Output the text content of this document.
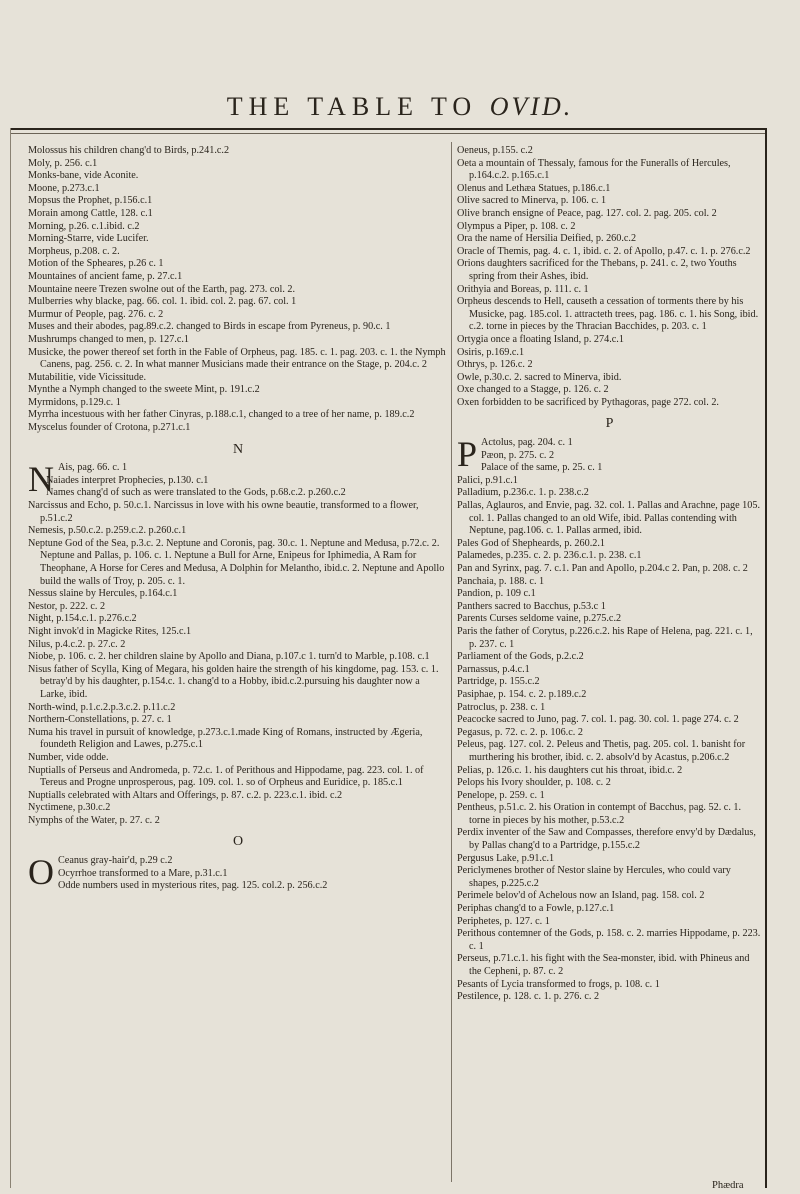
THE TABLE TO OVID.

Molossus his children chang'd to Birds, p.241.c.2

Moly, p. 256. c.1

Monks-bane, vide Aconite.

Moone, p.273.c.1

Mopsus the Prophet, p.156.c.1

Morain among Cattle, 128. c.1

Morning, p.26. c.1.ibid. c.2

Morning-Starre, vide Lucifer.

Morpheus, p.208. c. 2.

Motion of the Spheares, p.26 c. 1

Mountaines of ancient fame, p. 27.c.1

Mountaine neere Trezen swolne out of the Earth, pag. 273. col. 2.

Mulberries why blacke, pag. 66. col. 1. ibid. col. 2. pag. 67. col. 1

Murmur of People, pag. 276. c. 2

Muses and their abodes, pag.89.c.2. changed to Birds in escape from Pyreneus, p. 90.c. 1

Mushrumps changed to men, p. 127.c.1

Musicke, the power thereof set forth in the Fable of Orpheus, pag. 185. c. 1. pag. 203. c. 1. the Nymph Canens, pag. 256. c. 2. In what manner Musicians made their entrance on the Stage, p. 204.c. 2

Mutabilitie, vide Vicissitude.

Mynthe a Nymph changed to the sweete Mint, p. 191.c.2

Myrmidons, p.129.c. 1

Myrrha incestuous with her father Cinyras, p.188.c.1, changed to a tree of her name, p. 189.c.2

Myscelus founder of Crotona, p.271.c.1

N

N Ais, pag. 66. c. 1

Naiades interpret Prophecies, p.130. c.1

Names chang'd of such as were translated to the Gods, p.68.c.2. p.260.c.2

Narcissus and Echo, p. 50.c.1. Narcissus in love with his owne beautie, transformed to a flower, p.51.c.2

Nemesis, p.50.c.2. p.259.c.2. p.260.c.1

Neptune God of the Sea, p.3.c. 2. Neptune and Coronis, pag. 30.c. 1. Neptune and Medusa, p.72.c. 2. Neptune and Pallas, p. 106. c. 1. Neptune a Bull for Arne, Enipeus for Iphimedia, A Ram for Theophane, A Horse for Ceres and Medusa, A Dolphin for Melantho, ibid.c. 2. Neptune and Apollo build the walls of Troy, p. 205. c. 1.

Nessus slaine by Hercules, p.164.c.1

Nestor, p. 222. c. 2

Night, p.154.c.1. p.276.c.2

Night invok'd in Magicke Rites, 125.c.1

Nilus, p.4.c.2. p. 27.c. 2

Niobe, p. 106. c. 2. her children slaine by Apollo and Diana, p.107.c 1. turn'd to Marble, p.108. c.1

Nisus father of Scylla, King of Megara, his golden haire the strength of his kingdome, pag. 153. c. 1. betray'd by his daughter, p.154.c. 1. chang'd to a Hobby, ibid.c.2.pursuing his daughter now a Larke, ibid.

North-wind, p.1.c.2.p.3.c.2. p.11.c.2

Northern-Constellations, p. 27. c. 1

Numa his travel in pursuit of knowledge, p.273.c.1.made King of Romans, instructed by Ægeria, foundeth Religion and Lawes, p.275.c.1

Number, vide odde.

Nuptialls of Perseus and Andromeda, p. 72.c. 1. of Perithous and Hippodame, pag. 223. col. 1. of Tereus and Progne unprosperous, pag. 109. col. 1. so of Orpheus and Euridice, p. 185.c.1

Nuptialls celebrated with Altars and Offerings, p. 87. c.2. p. 223.c.1. ibid. c.2

Nyctimene, p.30.c.2

Nymphs of the Water, p. 27. c. 2

O
O Ceanus gray-hair'd, p.29 c.2

Ocyrrhoe transformed to a Mare, p.31.c.1

Odde numbers used in mysterious rites, pag. 125. col.2. p. 256.c.2

Oeneus, p.155. c.2

Oeta a mountain of Thessaly, famous for the Funeralls of Hercules, p.164.c.2. p.165.c.1

Olenus and Lethæa Statues, p.186.c.1

Olive sacred to Minerva, p. 106. c. 1

Olive branch ensigne of Peace, pag. 127. col. 2. pag. 205. col. 2

Olympus a Piper, p. 108. c. 2

Ora the name of Hersilia Deified, p. 260.c.2

Oracle of Themis, pag. 4. c. 1, ibid. c. 2. of Apollo, p.47. c. 1. p. 276.c.2

Orions daughters sacrificed for the Thebans, p. 241. c. 2, two Youths spring from their Ashes, ibid.

Orithyia and Boreas, p. 111. c. 1

Orpheus descends to Hell, causeth a cessation of torments there by his Musicke, pag. 185.col. 1. attracteth trees, pag. 186. c. 1. his Song, ibid. c.2. torne in pieces by the Thracian Bacchides, p. 203. c. 1

Ortygia once a floating Island, p. 274.c.1

Osiris, p.169.c.1

Othrys, p. 126.c. 2

Owle, p.30.c. 2. sacred to Minerva, ibid.

Oxe changed to a Stagge, p. 126. c. 2

Oxen forbidden to be sacrificed by Pythagoras, page 272. col. 2.

P
P Actolus, pag. 204. c. 1

Pæon, p. 275. c. 2

Palace of the same, p. 25. c. 1

Palici, p.91.c.1

Palladium, p.236.c. 1. p. 238.c.2

Pallas, Aglauros, and Envie, pag. 32. col. 1. Pallas and Arachne, page 105. col. 1. Pallas changed to an old Wife, ibid. Pallas contending with Neptune, pag.106. c. 1. Pallas armed, ibid.

Pales God of Shepheards, p. 260.2.1

Palamedes, p.235. c. 2. p. 236.c.1. p. 238. c.1

Pan and Syrinx, pag. 7. c.1. Pan and Apollo, p.204.c 2. Pan, p. 208. c. 2

Panchaia, p. 188. c. 1

Pandion, p. 109 c.1

Panthers sacred to Bacchus, p.53.c 1

Parents Curses seldome vaine, p.275.c.2

Paris the father of Corytus, p.226.c.2. his Rape of Helena, pag. 221. c. 1, p. 237. c. 1

Parliament of the Gods, p.2.c.2

Parnassus, p.4.c.1

Partridge, p. 155.c.2

Pasiphae, p. 154. c. 2. p.189.c.2

Patroclus, p. 238. c. 1

Peacocke sacred to Juno, pag. 7. col. 1. pag. 30. col. 1. page 274. c. 2

Pegasus, p. 72. c. 2. p. 106.c. 2

Peleus, pag. 127. col. 2. Peleus and Thetis, pag. 205. col. 1. banisht for murthering his brother, ibid. c. 2. absolv'd by Acastus, p.206.c.2

Pelias, p. 126.c. 1. his daughters cut his throat, ibid.c. 2

Pelops his Ivory shoulder, p. 108. c. 2

Penelope, p. 259. c. 1

Pentheus, p.51.c. 2. his Oration in contempt of Bacchus, pag. 52. c. 1. torne in pieces by his mother, p.53.c.2

Perdix inventer of the Saw and Compasses, therefore envy'd by Dædalus, by Pallas chang'd to a Partridge, p.155.c.2

Pergusus Lake, p.91.c.1

Periclymenes brother of Nestor slaine by Hercules, who could vary shapes, p.225.c.2

Perimele belov'd of Achelous now an Island, pag. 158. col. 2

Periphas chang'd to a Fowle, p.127.c.1

Periphetes, p. 127. c. 1

Perithous contemner of the Gods, p. 158. c. 2. marries Hippodame, p. 223. c. 1

Perseus, p.71.c.1. his fight with the Sea-monster, ibid. with Phineus and the Cepheni, p. 87. c. 2

Pesants of Lycia transformed to frogs, p. 108. c. 1

Pestilence, p. 128. c. 1. p. 276. c. 2

Phædra
